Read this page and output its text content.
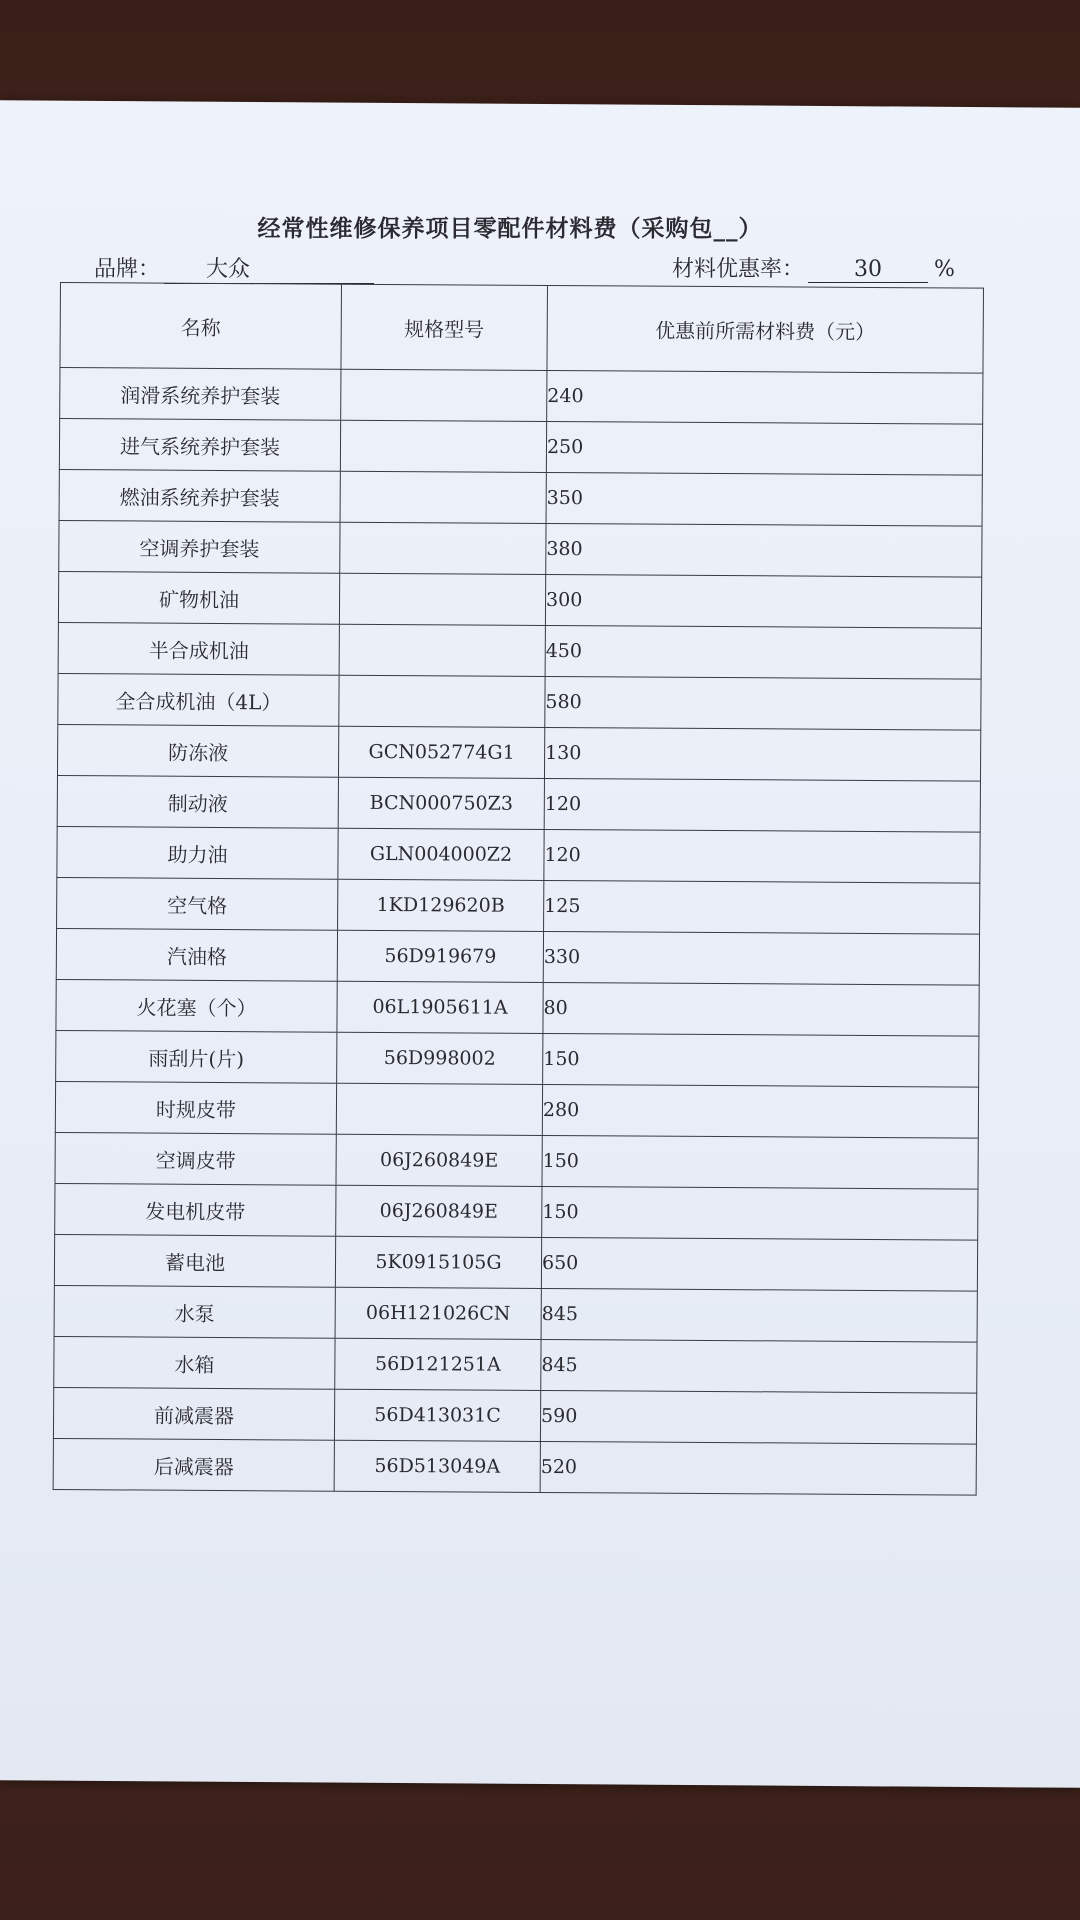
经常性维修保养项目零配件材料费（采购包__）
品牌： 大众	材料优惠率： 30 %
名称	规格型号	优惠前所需材料费（元）
润滑系统养护套装		240
进气系统养护套装		250
燃油系统养护套装		350
空调养护套装		380
矿物机油		300
半合成机油		450
全合成机油（4L）		580
防冻液	GCN052774G1	130
制动液	BCN000750Z3	120
助力油	GLN004000Z2	120
空气格	1KD129620B	125
汽油格	56D919679	330
火花塞（个）	06L1905611A	80
雨刮片(片)	56D998002	150
时规皮带		280
空调皮带	06J260849E	150
发电机皮带	06J260849E	150
蓄电池	5K0915105G	650
水泵	06H121026CN	845
水箱	56D121251A	845
前减震器	56D413031C	590
后减震器	56D513049A	520
